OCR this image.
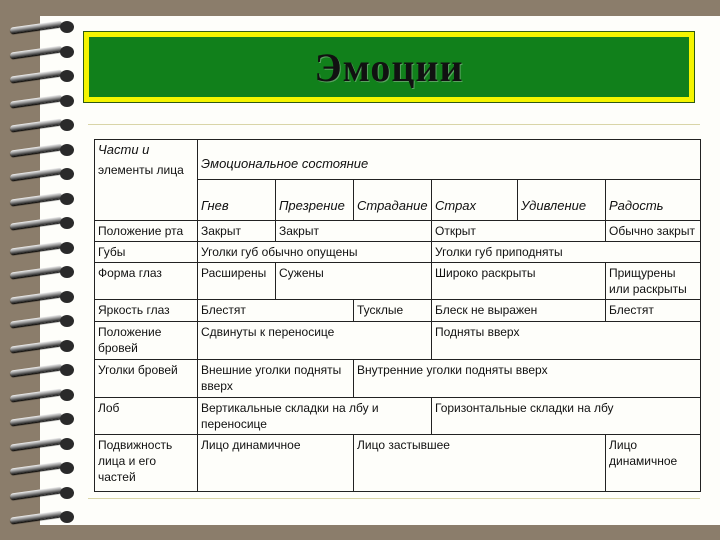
Эмоции
Части и
элементы лица	Эмоциональное состояние					

	Гнев	Презрение	Страдание	Страх	Удивление	Радость

Положение рта	Закрыт	Закрыт		Открыт		Обычно закрыт
Губы	Уголки губ обычно опущены			Уголки губ приподняты		
Форма глаз	Расширены	Сужены		Широко раскрыты		Прищурены или раскрыты
Яркость глаз	Блестят		Тусклые	Блеск не выражен		Блестят
Положение бровей	Сдвинуты к переносице			Подняты вверх		
Уголки бровей	Внешние уголки подняты вверх		Внутренние уголки подняты вверх			
Лоб	Вертикальные складки на лбу и переносице			Горизонтальные складки на лбу		
Подвижность лица и его частей	Лицо динамичное		Лицо застывшее			Лицо динамичное
